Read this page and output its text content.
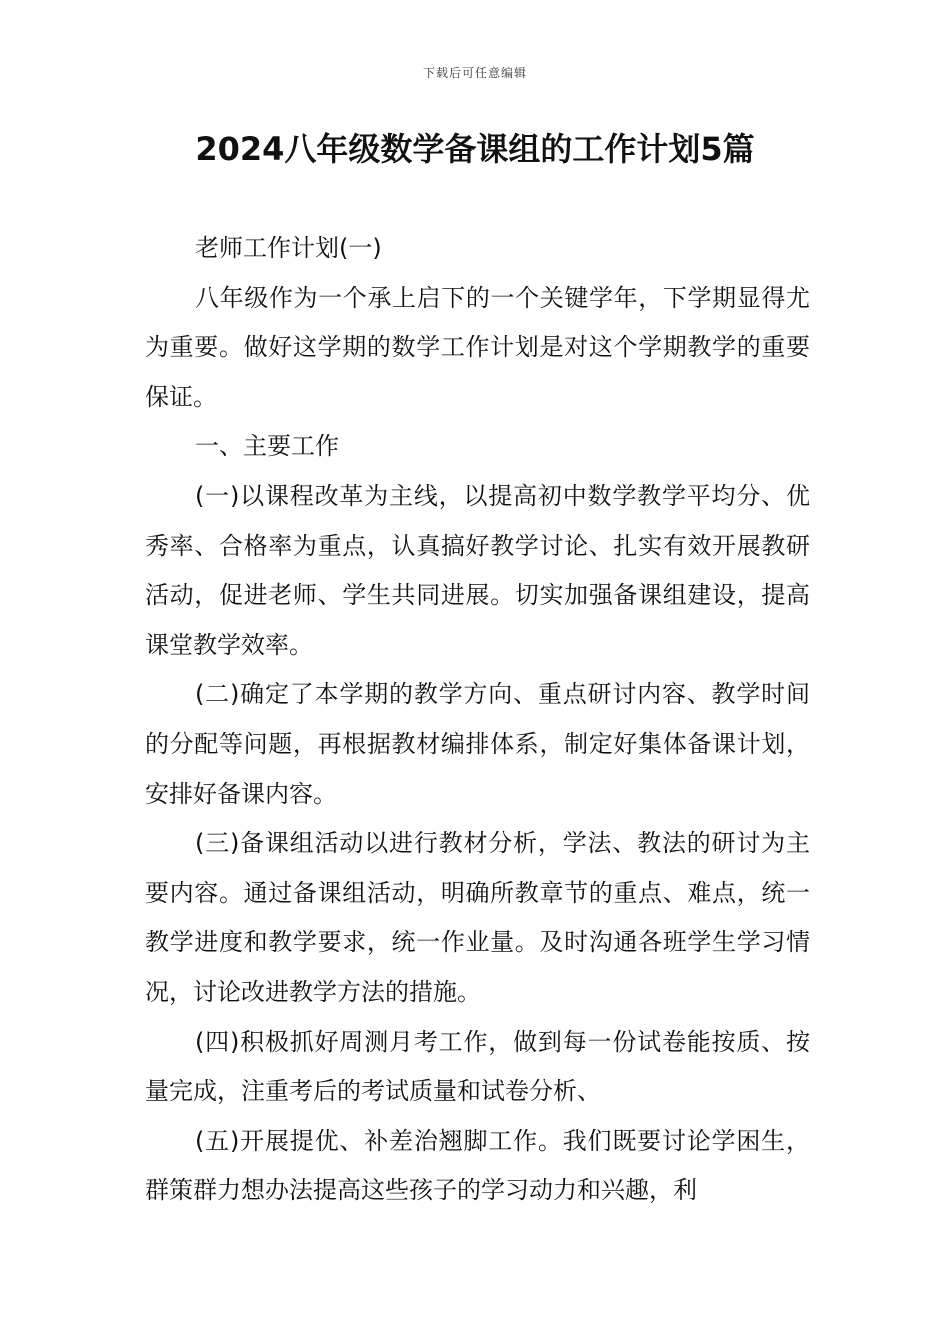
下载后可任意编辑
2024八年级数学备课组的工作计划5篇

老师工作计划(一)

八年级作为一个承上启下的一个关键学年，下学期显得尤为重要。做好这学期的数学工作计划是对这个学期教学的重要保证。

一、主要工作

(一)以课程改革为主线，以提高初中数学教学平均分、优秀率、合格率为重点，认真搞好教学讨论、扎实有效开展教研活动，促进老师、学生共同进展。切实加强备课组建设，提高课堂教学效率。

(二)确定了本学期的教学方向、重点研讨内容、教学时间的分配等问题，再根据教材编排体系，制定好集体备课计划，安排好备课内容。

(三)备课组活动以进行教材分析，学法、教法的研讨为主要内容。通过备课组活动，明确所教章节的重点、难点，统一教学进度和教学要求，统一作业量。及时沟通各班学生学习情况，讨论改进教学方法的措施。

(四)积极抓好周测月考工作，做到每一份试卷能按质、按量完成，注重考后的考试质量和试卷分析、

(五)开展提优、补差治翘脚工作。我们既要讨论学困生，群策群力想办法提高这些孩子的学习动力和兴趣，利
